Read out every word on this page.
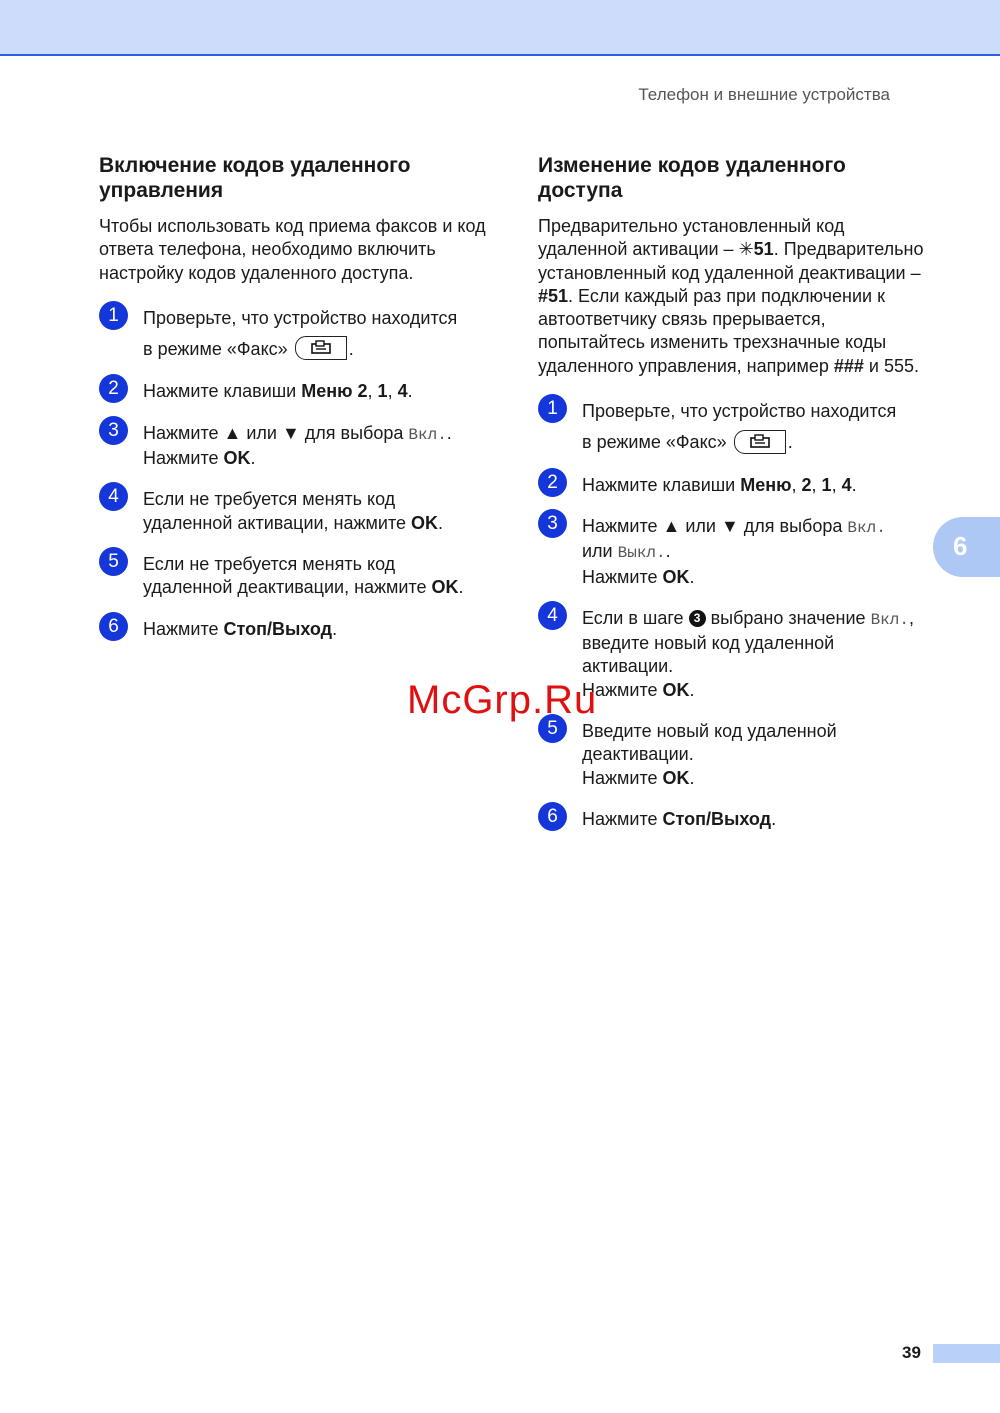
Телефон и внешние устройства
Включение кодов удаленного управления

Чтобы использовать код приема факсов и код ответа телефона, необходимо включить настройку кодов удаленного доступа.

1	Проверьте, что устройство находится
в режиме «Факс»	.
2	Нажмите клавиши Меню 2, 1, 4.
3	Нажмите ▲ или ▼ для выбора Вкл..
Нажмите OK.
4	Если не требуется менять код удаленной активации, нажмите OK.
5	Если не требуется менять код удаленной деактивации, нажмите OK.
6	Нажмите Стоп/Выход.
Изменение кодов удаленного доступа

Предварительно установленный код удаленной активации – ✳51. Предварительно установленный код удаленной деактивации – #51. Если каждый раз при подключении к автоответчику связь прерывается, попытайтесь изменить трехзначные коды удаленного управления, например ### и 555.

1	Проверьте, что устройство находится
в режиме «Факс»	.
2	Нажмите клавиши Меню, 2, 1, 4.
3	Нажмите ▲ или ▼ для выбора Вкл.
или Выкл..
Нажмите OK.
4	Если в шаге 3 выбрано значение Вкл., введите новый код удаленной активации.
Нажмите OK.
5	Введите новый код удаленной деактивации.
Нажмите OK.
6	Нажмите Стоп/Выход.
McGrp.Ru
6
39
